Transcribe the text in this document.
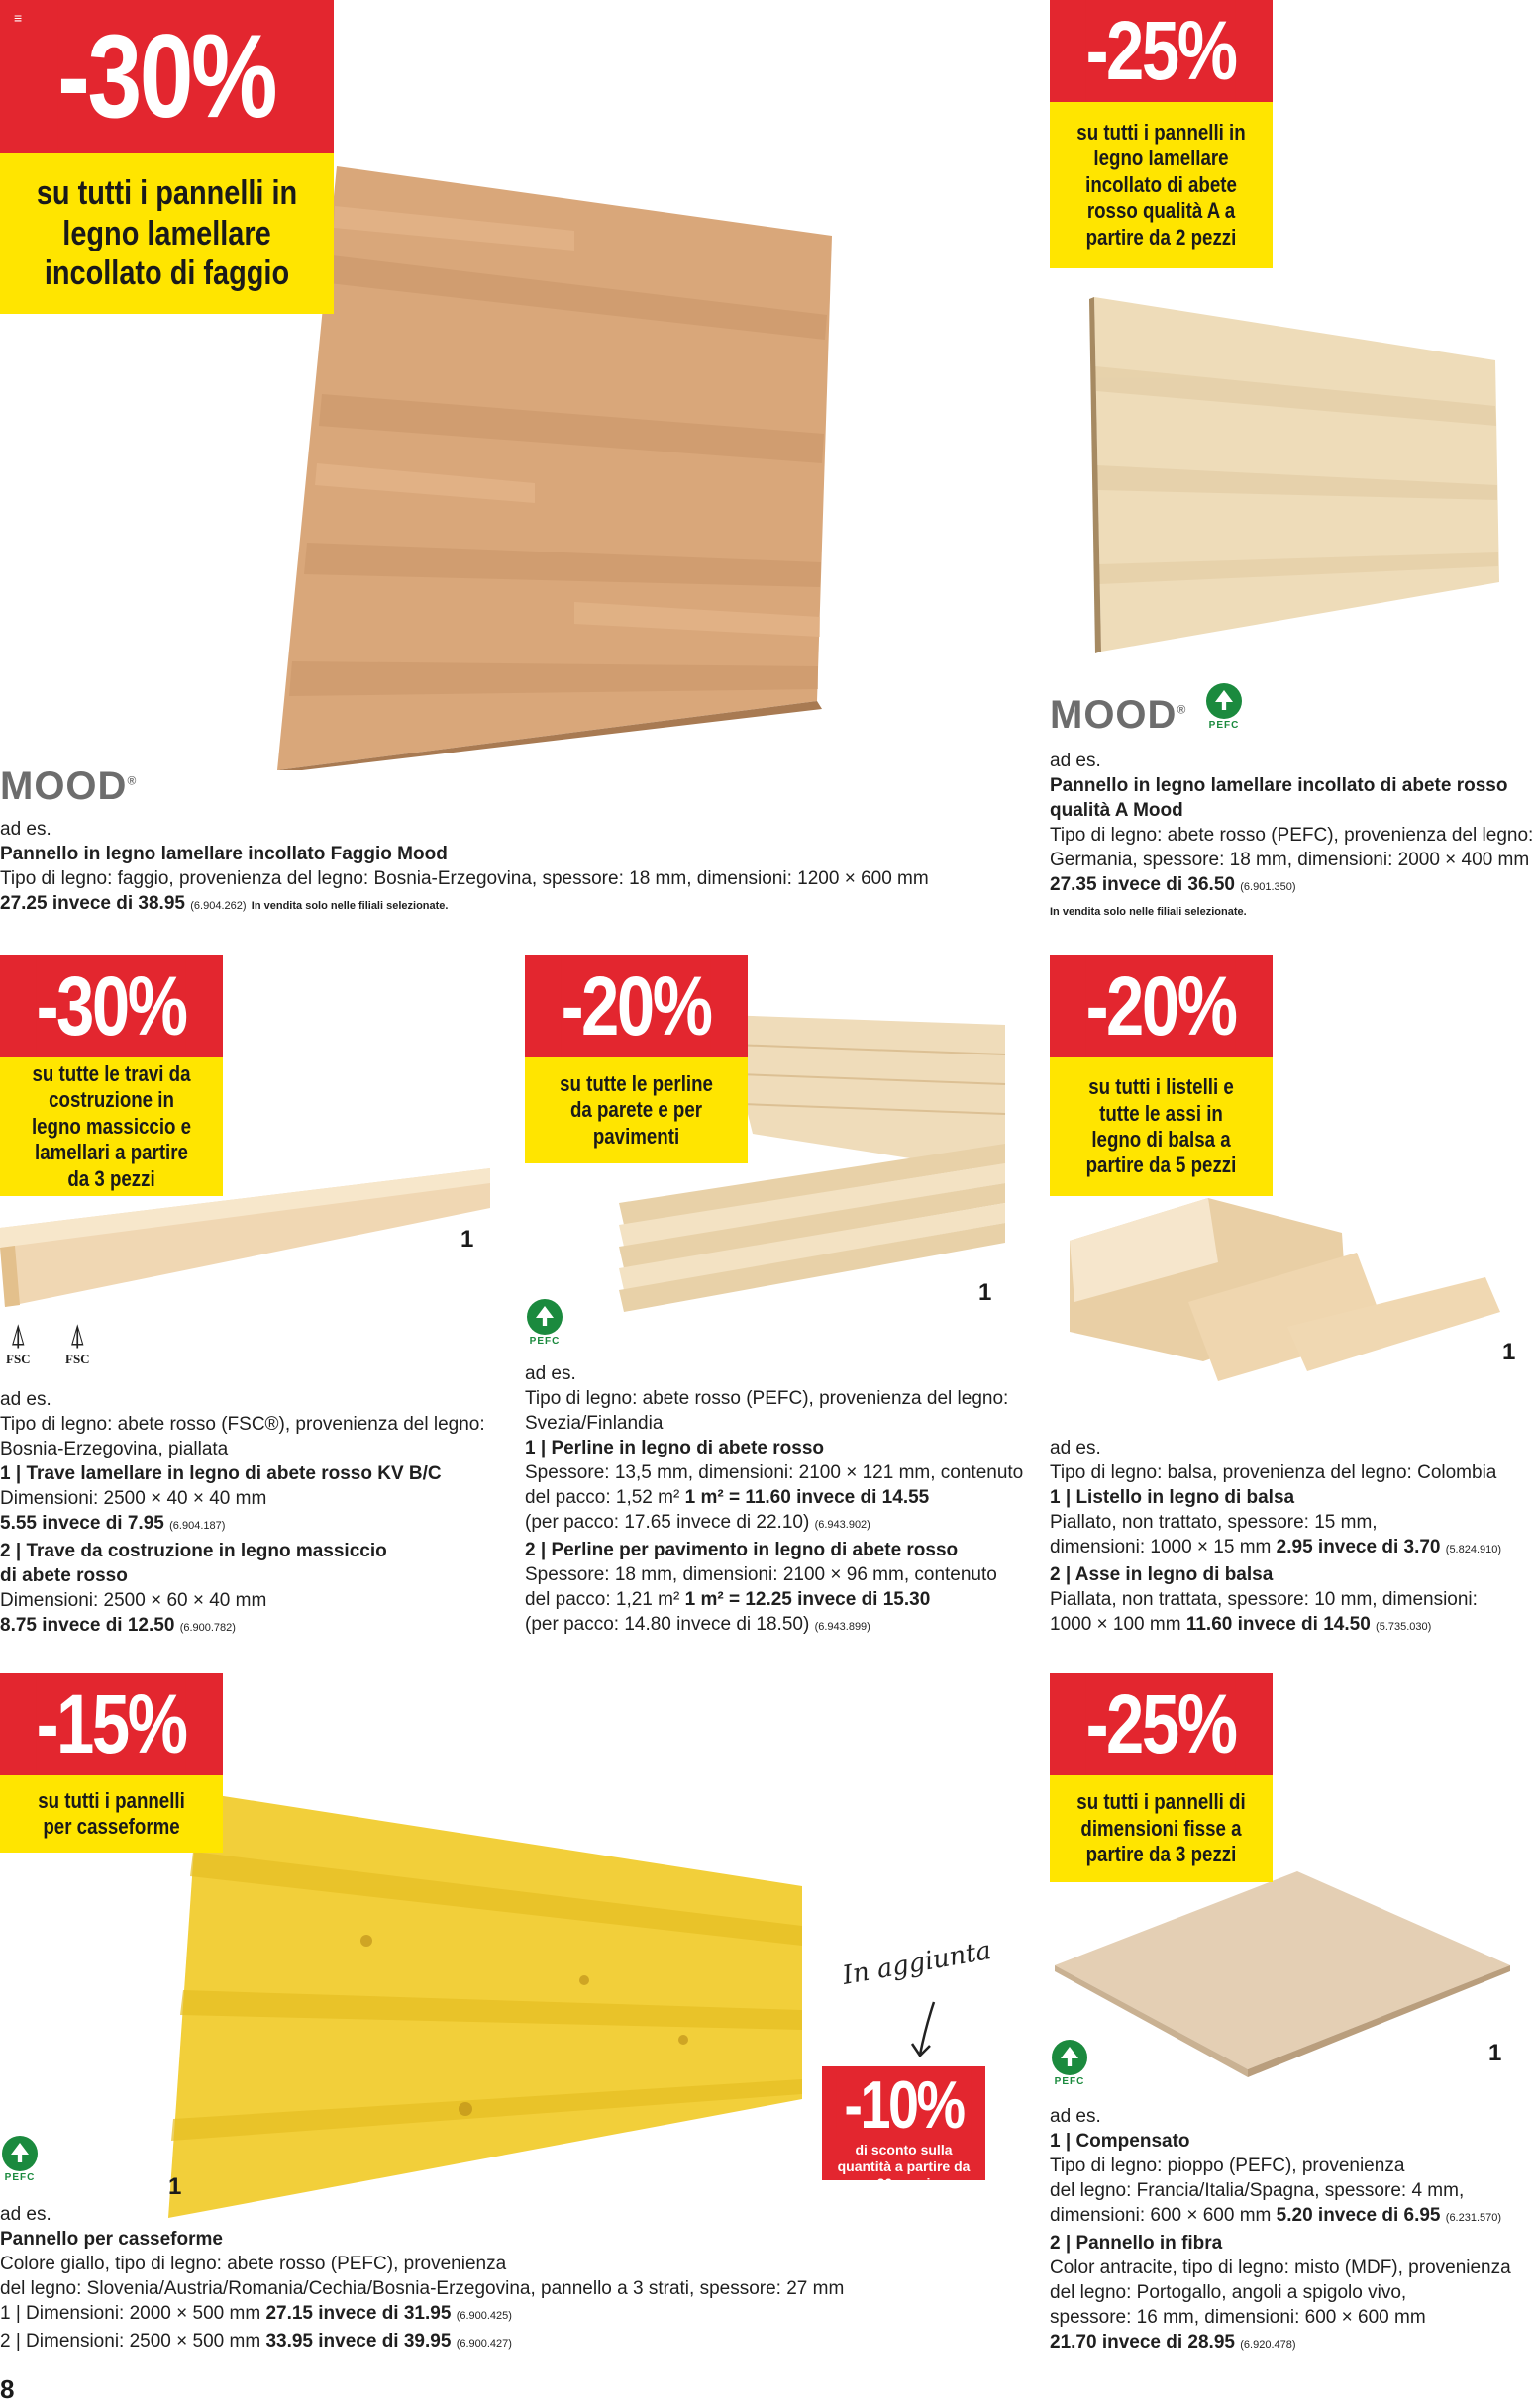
-30%
su tutti i pannelli in legno lamellare incollato di faggio
≡	-25%
su tutti i pannelli in legno lamellare incollato di abete rosso qualità A a partire da 2 pezzi
-30%
su tutte le travi da costruzione in legno massiccio e lamellari a partire da 3 pezzi
-20%
su tutte le perline da parete e per pavimenti
-20%
su tutti i listelli e tutte le assi in legno di balsa a partire da 5 pezzi
-15%
su tutti i pannelli per casseforme
-25%
su tutti i pannelli di dimensioni fisse a partire da 3 pezzi
-10%
di sconto sulla quantità a partire da 20 pezzi
In aggiunta
MOOD®
ad es.
Pannello in legno lamellare incollato Faggio Mood
Tipo di legno: faggio, provenienza del legno: Bosnia-Erzegovina, spessore: 18 mm, dimensioni: 1200 × 600 mm
27.25 invece di 38.95 (6.904.262) In vendita solo nelle filiali selezionate.
MOOD®
PEFC
ad es.
Pannello in legno lamellare incollato di abete rosso
qualità A Mood
Tipo di legno: abete rosso (PEFC), provenienza del legno:
Germania, spessore: 18 mm, dimensioni: 2000 × 400 mm
27.35 invece di 36.50 (6.901.350)
In vendita solo nelle filiali selezionate.
1
⍋
FSC
⍋
FSC
ad es.
Tipo di legno: abete rosso (FSC®), provenienza del legno:
Bosnia-Erzegovina, piallata
1 | Trave lamellare in legno di abete rosso KV B/C
Dimensioni: 2500 × 40 × 40 mm
5.55 invece di 7.95 (6.904.187)
2 | Trave da costruzione in legno massiccio
di abete rosso
Dimensioni: 2500 × 60 × 40 mm
8.75 invece di 12.50 (6.900.782)
1
PEFC
ad es.
Tipo di legno: abete rosso (PEFC), provenienza del legno:
Svezia/Finlandia
1 | Perline in legno di abete rosso
Spessore: 13,5 mm, dimensioni: 2100 × 121 mm, contenuto
del pacco: 1,52 m² 1 m² = 11.60 invece di 14.55
(per pacco: 17.65 invece di 22.10) (6.943.902)
2 | Perline per pavimento in legno di abete rosso
Spessore: 18 mm, dimensioni: 2100 × 96 mm, contenuto
del pacco: 1,21 m² 1 m² = 12.25 invece di 15.30
(per pacco: 14.80 invece di 18.50) (6.943.899)
1
ad es.
Tipo di legno: balsa, provenienza del legno: Colombia
1 | Listello in legno di balsa
Piallato, non trattato, spessore: 15 mm,
dimensioni: 1000 × 15 mm 2.95 invece di 3.70 (5.824.910)
2 | Asse in legno di balsa
Piallata, non trattata, spessore: 10 mm, dimensioni:
1000 × 100 mm 11.60 invece di 14.50 (5.735.030)
1
PEFC
ad es.
Pannello per casseforme
Colore giallo, tipo di legno: abete rosso (PEFC), provenienza
del legno: Slovenia/Austria/Romania/Cechia/Bosnia-Erzegovina, pannello a 3 strati, spessore: 27 mm
1 | Dimensioni: 2000 × 500 mm 27.15 invece di 31.95 (6.900.425)
2 | Dimensioni: 2500 × 500 mm 33.95 invece di 39.95 (6.900.427)
1
PEFC
ad es.
1 | Compensato
Tipo di legno: pioppo (PEFC), provenienza
del legno: Francia/Italia/Spagna, spessore: 4 mm,
dimensioni: 600 × 600 mm 5.20 invece di 6.95 (6.231.570)
2 | Pannello in fibra
Color antracite, tipo di legno: misto (MDF), provenienza
del legno: Portogallo, angoli a spigolo vivo,
spessore: 16 mm, dimensioni: 600 × 600 mm
21.70 invece di 28.95 (6.920.478)
8
